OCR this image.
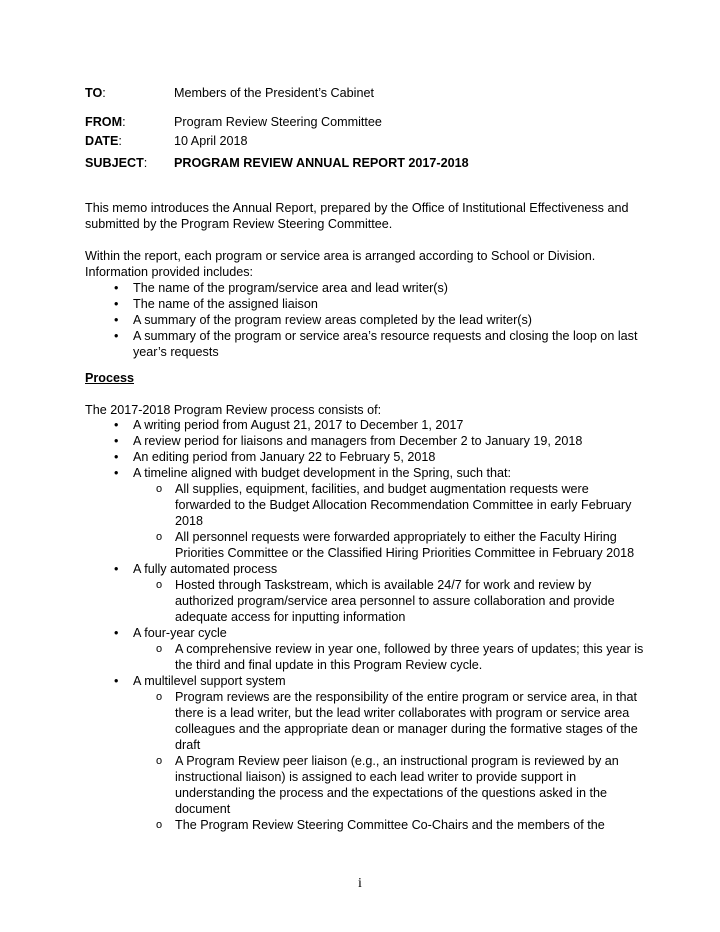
TO:	Members of the President’s Cabinet
FROM:	Program Review Steering Committee
DATE:	10 April 2018
SUBJECT: PROGRAM REVIEW ANNUAL REPORT 2017-2018

This memo introduces the Annual Report, prepared by the Office of Institutional Effectiveness and submitted by the Program Review Steering Committee.

Within the report, each program or service area is arranged according to School or Division. Information provided includes:

• The name of the program/service area and lead writer(s)
• The name of the assigned liaison
• A summary of the program review areas completed by the lead writer(s)
• A summary of the program or service area’s resource requests and closing the loop on last year’s requests

Process

The 2017-2018 Program Review process consists of:

• A writing period from August 21, 2017 to December 1, 2017
• A review period for liaisons and managers from December 2 to January 19, 2018
• An editing period from January 22 to February 5, 2018
• A timeline aligned with budget development in the Spring, such that:
o All supplies, equipment, facilities, and budget augmentation requests were forwarded to the Budget Allocation Recommendation Committee in early February 2018
o All personnel requests were forwarded appropriately to either the Faculty Hiring Priorities Committee or the Classified Hiring Priorities Committee in February 2018
• A fully automated process
o Hosted through Taskstream, which is available 24/7 for work and review by authorized program/service area personnel to assure collaboration and provide adequate access for inputting information
• A four-year cycle
o A comprehensive review in year one, followed by three years of updates; this year is the third and final update in this Program Review cycle.
• A multilevel support system
o Program reviews are the responsibility of the entire program or service area, in that there is a lead writer, but the lead writer collaborates with program or service area colleagues and the appropriate dean or manager during the formative stages of the draft
o A Program Review peer liaison (e.g., an instructional program is reviewed by an instructional liaison) is assigned to each lead writer to provide support in understanding the process and the expectations of the questions asked in the document
o The Program Review Steering Committee Co-Chairs and the members of the
i
